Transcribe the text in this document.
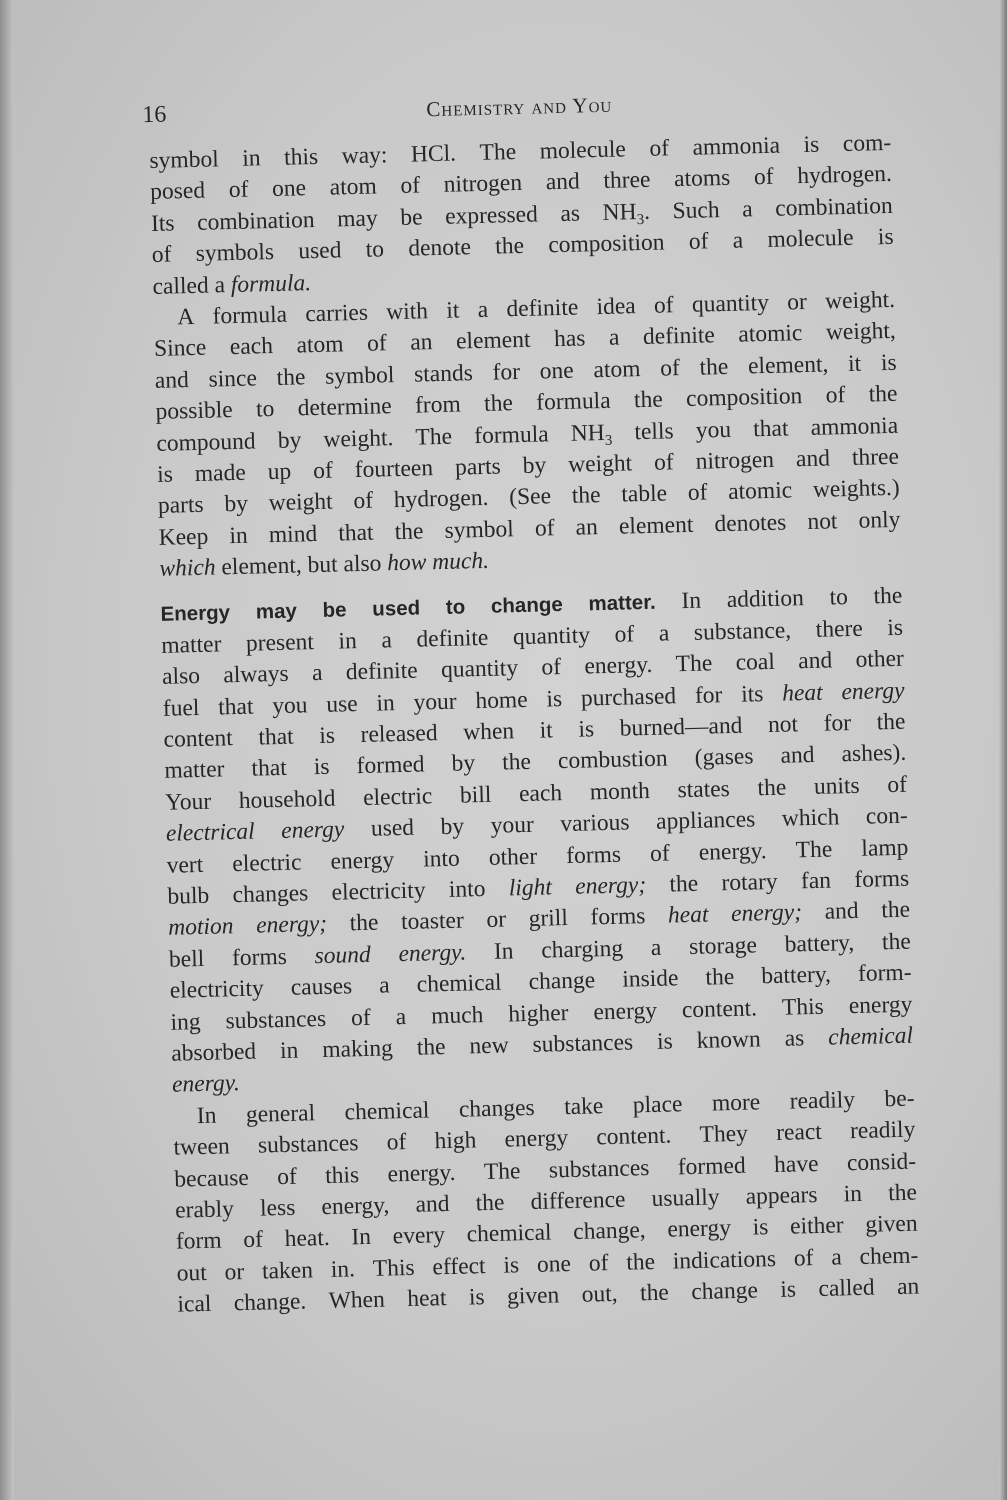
16	Chemistry and You
symbol in this way: HCl. The molecule of ammonia is com-
posed of one atom of nitrogen and three atoms of hydrogen.
Its combination may be expressed as $NH_3$. Such a combination
of symbols used to denote the composition of a molecule is
called a formula.
A formula carries with it a definite idea of quantity or weight.
Since each atom of an element has a definite atomic weight,
and since the symbol stands for one atom of the element, it is
possible to determine from the formula the composition of the
compound by weight. The formula $NH_3$ tells you that ammonia
is made up of fourteen parts by weight of nitrogen and three
parts by weight of hydrogen. (See the table of atomic weights.)
Keep in mind that the symbol of an element denotes not only
which element, but also how much.
Energy may be used to change matter. In addition to the
matter present in a definite quantity of a substance, there is
also always a definite quantity of energy. The coal and other
fuel that you use in your home is purchased for its heat energy
content that is released when it is burned—and not for the
matter that is formed by the combustion (gases and ashes).
Your household electric bill each month states the units of
electrical energy used by your various appliances which con-
vert electric energy into other forms of energy. The lamp
bulb changes electricity into light energy; the rotary fan forms
motion energy; the toaster or grill forms heat energy; and the
bell forms sound energy. In charging a storage battery, the
electricity causes a chemical change inside the battery, form-
ing substances of a much higher energy content. This energy
absorbed in making the new substances is known as chemical
energy.
In general chemical changes take place more readily be-
tween substances of high energy content. They react readily
because of this energy. The substances formed have consid-
erably less energy, and the difference usually appears in the
form of heat. In every chemical change, energy is either given
out or taken in. This effect is one of the indications of a chem-
ical change. When heat is given out, the change is called an
